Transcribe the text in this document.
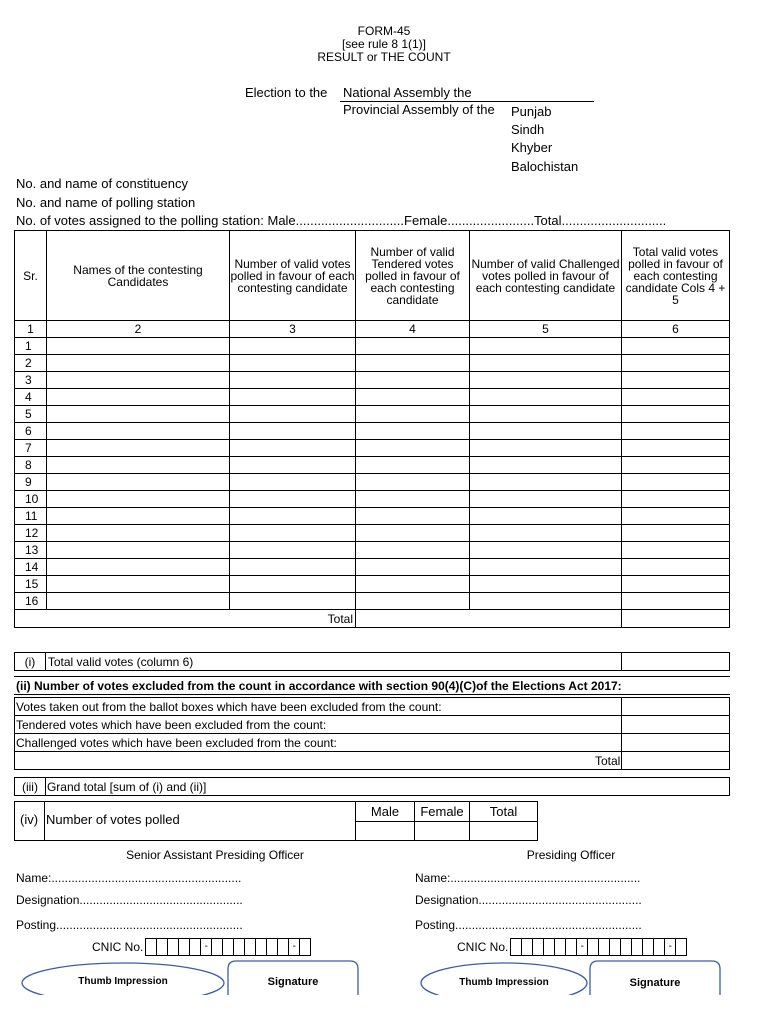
FORM-45
[see rule 8 1(1)]
RESULT or THE COUNT
Election to the National Assembly the
Provincial Assembly of the Punjab
Sindh
Khyber
Balochistan
No. and name of constituency
No. and name of polling station
No. of votes assigned to the polling station: Male..............................Female........................Total.............................
Sr.	Names of the contesting Candidates	Number of valid votes polled in favour of each contesting candidate	Number of valid Tendered votes polled in favour of each contesting candidate	Number of valid Challenged votes polled in favour of each contesting candidate	Total valid votes polled in favour of each contesting candidate Cols 4 + 5
1	2	3	4	5	6
1					
2					
3					
4					
5					
6					
7					
8					
9					
10					
11					
12					
13					
14					
15					
16					
Total					
(i)	Total valid votes (column 6)	
(ii) Number of votes excluded from the count in accordance with section 90(4)(C)of the Elections Act 2017:
Votes taken out from the ballot boxes which have been excluded from the count:	
Tendered votes which have been excluded from the count:	
Challenged votes which have been excluded from the count:	
Total	
(iii)	Grand total [sum of (i) and (ii)]
(iv) Number of votes polled
Male	Female	Total

Senior Assistant Presiding Officer
Name:.........................................................
Designation.................................................
Posting........................................................
CNIC No.	-	-
Presiding Officer
Name:.........................................................
Designation.................................................
Posting........................................................
CNIC No.	-	-
Thumb Impression	Signature	Thumb Impression	Signature
